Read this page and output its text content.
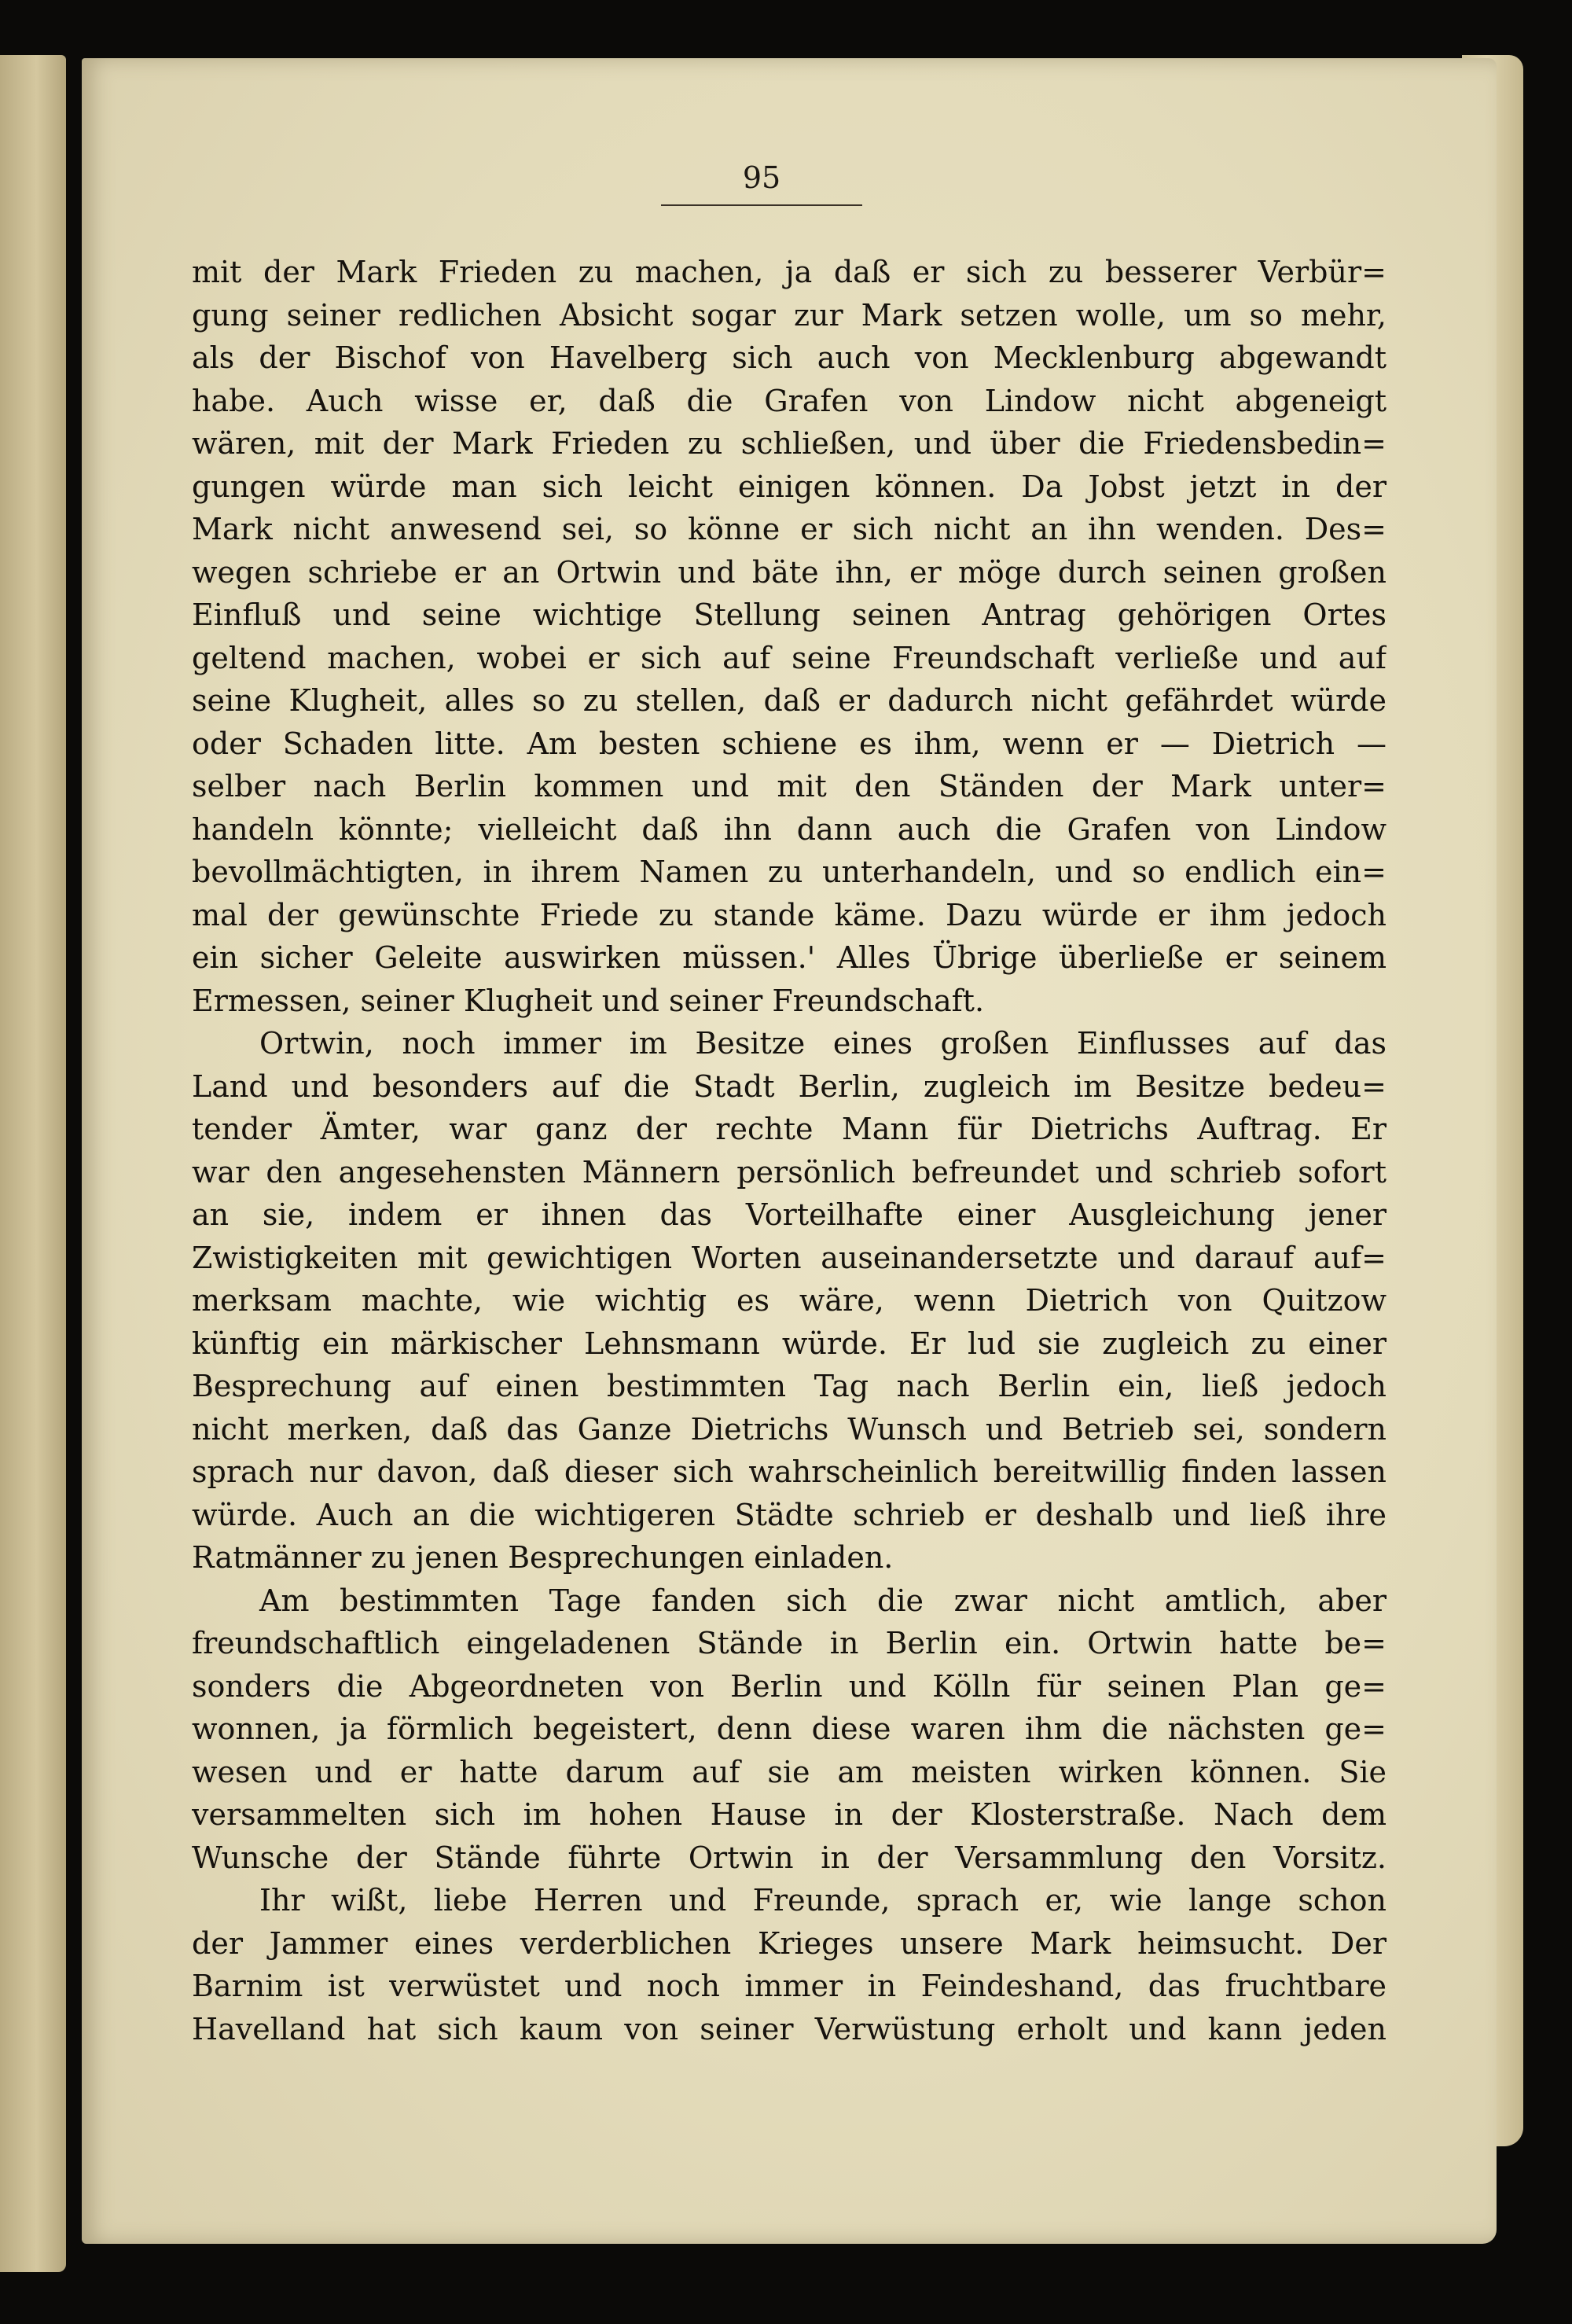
95
mit der Mark Frieden zu machen, ja daß er sich zu besserer Verbür=
gung seiner redlichen Absicht sogar zur Mark setzen wolle, um so mehr,
als der Bischof von Havelberg sich auch von Mecklenburg abgewandt
habe. Auch wisse er, daß die Grafen von Lindow nicht abgeneigt
wären, mit der Mark Frieden zu schließen, und über die Friedensbedin=
gungen würde man sich leicht einigen können. Da Jobst jetzt in der
Mark nicht anwesend sei, so könne er sich nicht an ihn wenden. Des=
wegen schriebe er an Ortwin und bäte ihn, er möge durch seinen großen
Einfluß und seine wichtige Stellung seinen Antrag gehörigen Ortes
geltend machen, wobei er sich auf seine Freundschaft verließe und auf
seine Klugheit, alles so zu stellen, daß er dadurch nicht gefährdet würde
oder Schaden litte. Am besten schiene es ihm, wenn er — Dietrich —
selber nach Berlin kommen und mit den Ständen der Mark unter=
handeln könnte; vielleicht daß ihn dann auch die Grafen von Lindow
bevollmächtigten, in ihrem Namen zu unterhandeln, und so endlich ein=
mal der gewünschte Friede zu stande käme. Dazu würde er ihm jedoch
ein sicher Geleite auswirken müssen.' Alles Übrige überließe er seinem
Ermessen, seiner Klugheit und seiner Freundschaft.
Ortwin, noch immer im Besitze eines großen Einflusses auf das
Land und besonders auf die Stadt Berlin, zugleich im Besitze bedeu=
tender Ämter, war ganz der rechte Mann für Dietrichs Auftrag. Er
war den angesehensten Männern persönlich befreundet und schrieb sofort
an sie, indem er ihnen das Vorteilhafte einer Ausgleichung jener
Zwistigkeiten mit gewichtigen Worten auseinandersetzte und darauf auf=
merksam machte, wie wichtig es wäre, wenn Dietrich von Quitzow
künftig ein märkischer Lehnsmann würde. Er lud sie zugleich zu einer
Besprechung auf einen bestimmten Tag nach Berlin ein, ließ jedoch
nicht merken, daß das Ganze Dietrichs Wunsch und Betrieb sei, sondern
sprach nur davon, daß dieser sich wahrscheinlich bereitwillig finden lassen
würde. Auch an die wichtigeren Städte schrieb er deshalb und ließ ihre
Ratmänner zu jenen Besprechungen einladen.
Am bestimmten Tage fanden sich die zwar nicht amtlich, aber
freundschaftlich eingeladenen Stände in Berlin ein. Ortwin hatte be=
sonders die Abgeordneten von Berlin und Kölln für seinen Plan ge=
wonnen, ja förmlich begeistert, denn diese waren ihm die nächsten ge=
wesen und er hatte darum auf sie am meisten wirken können. Sie
versammelten sich im hohen Hause in der Klosterstraße. Nach dem
Wunsche der Stände führte Ortwin in der Versammlung den Vorsitz.
Ihr wißt, liebe Herren und Freunde, sprach er, wie lange schon
der Jammer eines verderblichen Krieges unsere Mark heimsucht. Der
Barnim ist verwüstet und noch immer in Feindeshand, das fruchtbare
Havelland hat sich kaum von seiner Verwüstung erholt und kann jeden
